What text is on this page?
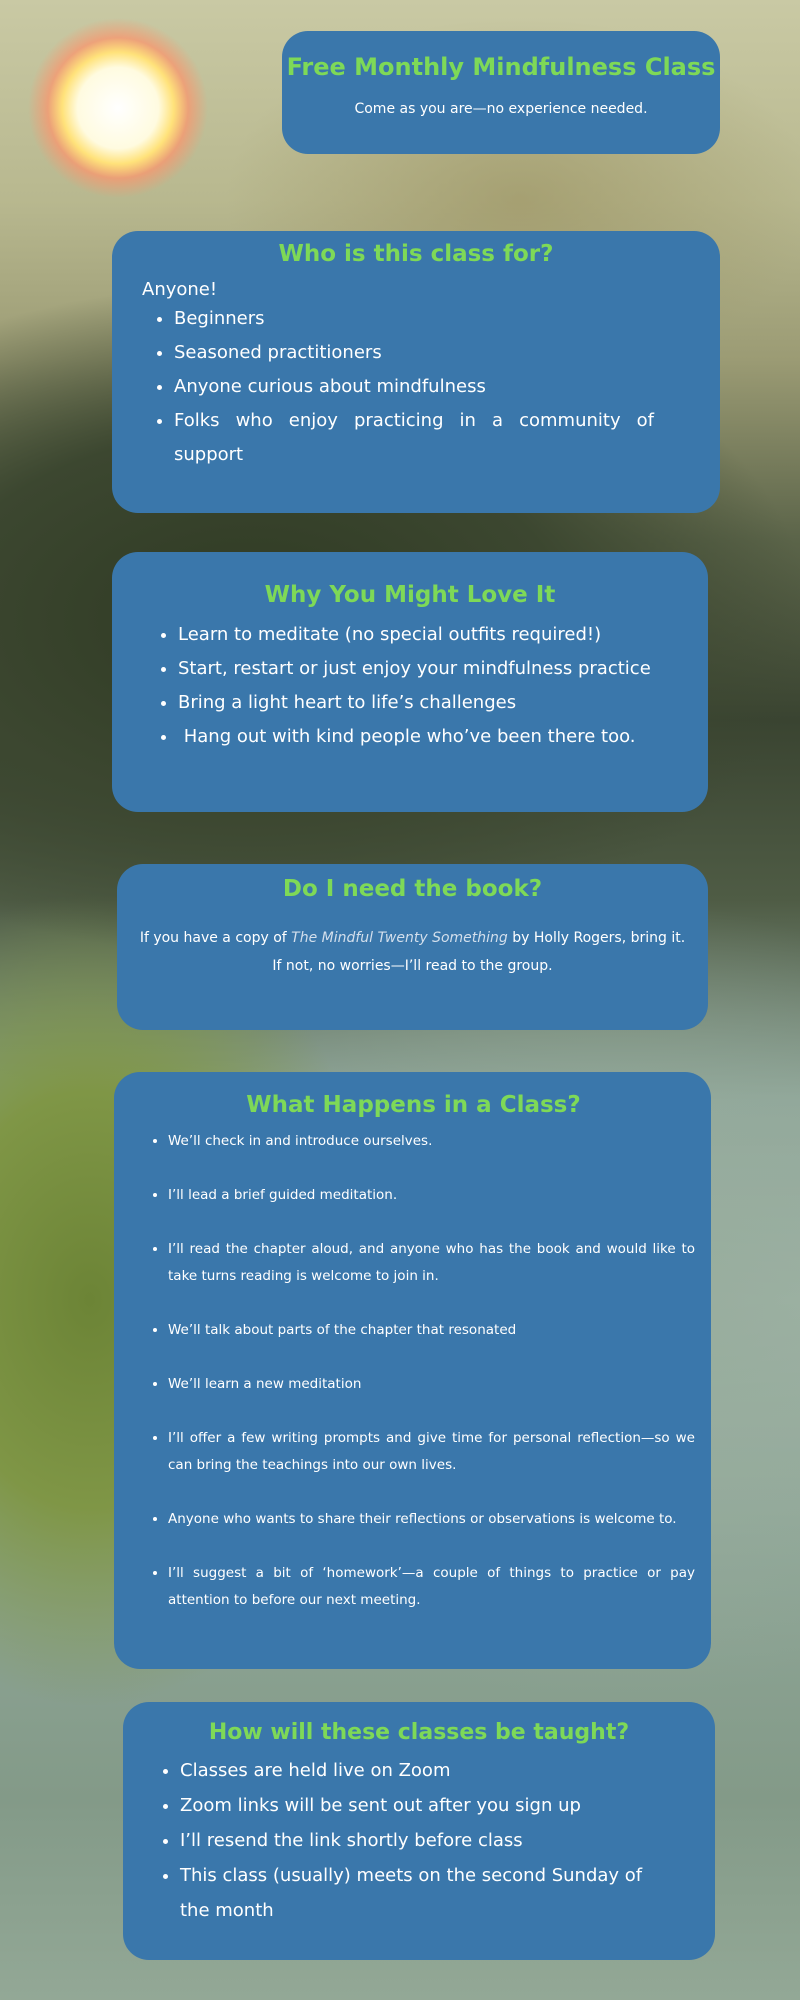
Free Monthly Mindfulness Class
Come as you are—no experience needed.
Who is this class for?
Anyone!
• Beginners
• Seasoned practitioners
• Anyone curious about mindfulness
• Folks who enjoy practicing in a community of support
Why You Might Love It
• Learn to meditate (no special outfits required!)
• Start, restart or just enjoy your mindfulness practice
• Bring a light heart to life’s challenges
•  Hang out with kind people who’ve been there too.
Do I need the book?
If you have a copy of The Mindful Twenty Something by Holly Rogers, bring it.
If not, no worries—I’ll read to the group.
What Happens in a Class?
• We’ll check in and introduce ourselves.
• I’ll lead a brief guided meditation.
• I’ll read the chapter aloud, and anyone who has the book and would like to take turns reading is welcome to join in.
• We’ll talk about parts of the chapter that resonated
• We’ll learn a new meditation
• I’ll offer a few writing prompts and give time for personal reflection—so we can bring the teachings into our own lives.
• Anyone who wants to share their reflections or observations is welcome to.
• I’ll suggest a bit of ‘homework’—a couple of things to practice or pay attention to before our next meeting.
How will these classes be taught?
• Classes are held live on Zoom
• Zoom links will be sent out after you sign up
• I’ll resend the link shortly before class
• This class (usually) meets on the second Sunday of the month
